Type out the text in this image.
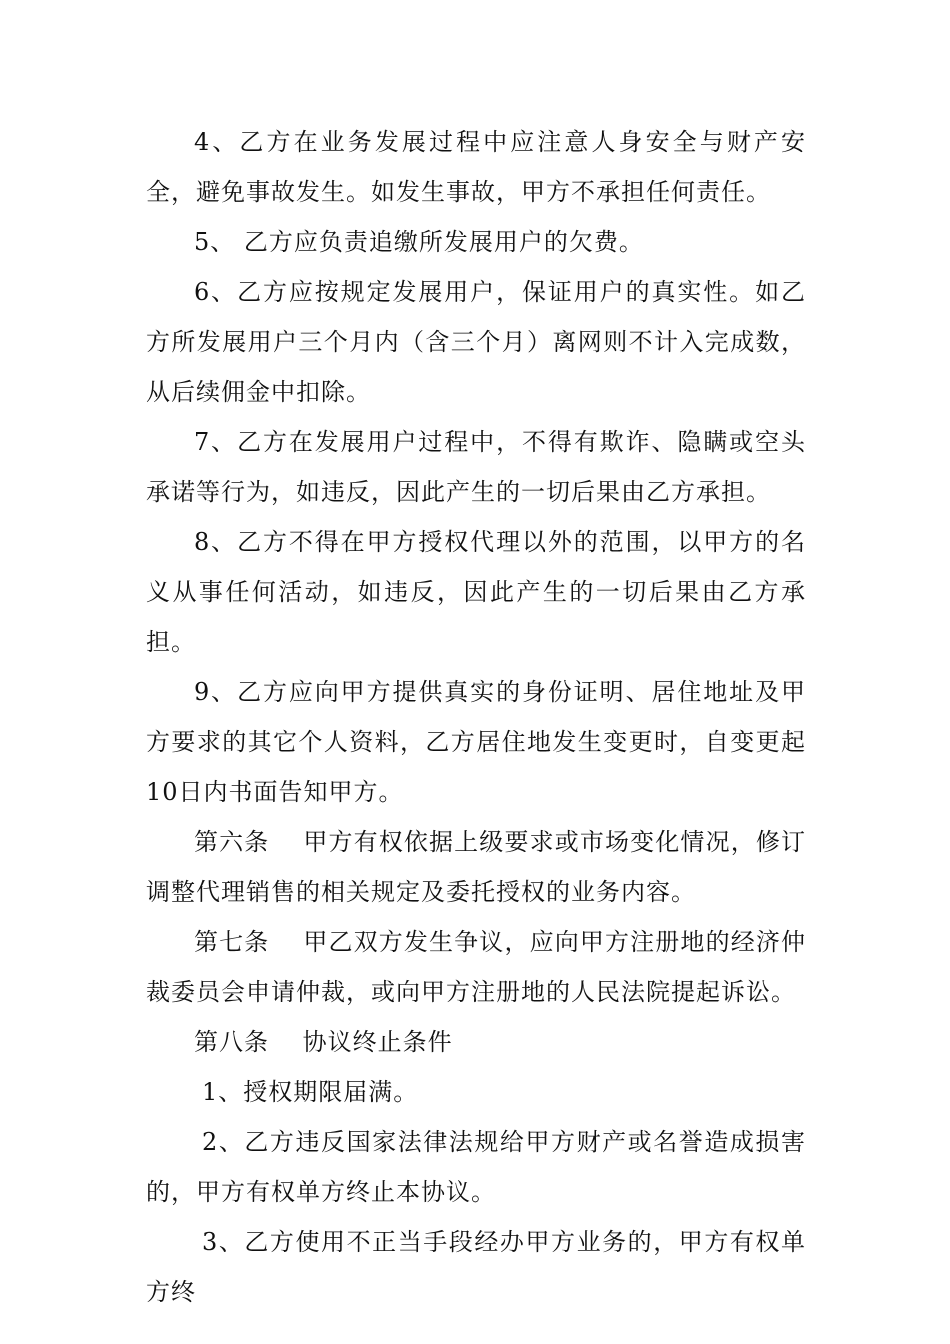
4、乙方在业务发展过程中应注意人身安全与财产安全，避免事故发生。如发生事故，甲方不承担任何责任。

5、 乙方应负责追缴所发展用户的欠费。

6、乙方应按规定发展用户，保证用户的真实性。如乙方所发展用户三个月内（含三个月）离网则不计入完成数，从后续佣金中扣除。

7、乙方在发展用户过程中，不得有欺诈、隐瞒或空头承诺等行为，如违反，因此产生的一切后果由乙方承担。

8、乙方不得在甲方授权代理以外的范围，以甲方的名义从事任何活动，如违反，因此产生的一切后果由乙方承担。

9、乙方应向甲方提供真实的身份证明、居住地址及甲方要求的其它个人资料，乙方居住地发生变更时，自变更起10日内书面告知甲方。

第六条　 甲方有权依据上级要求或市场变化情况，修订调整代理销售的相关规定及委托授权的业务内容。

第七条　 甲乙双方发生争议，应向甲方注册地的经济仲裁委员会申请仲裁，或向甲方注册地的人民法院提起诉讼。

第八条　 协议终止条件

1、授权期限届满。

2、乙方违反国家法律法规给甲方财产或名誉造成损害的，甲方有权单方终止本协议。

3、乙方使用不正当手段经办甲方业务的，甲方有权单方终
